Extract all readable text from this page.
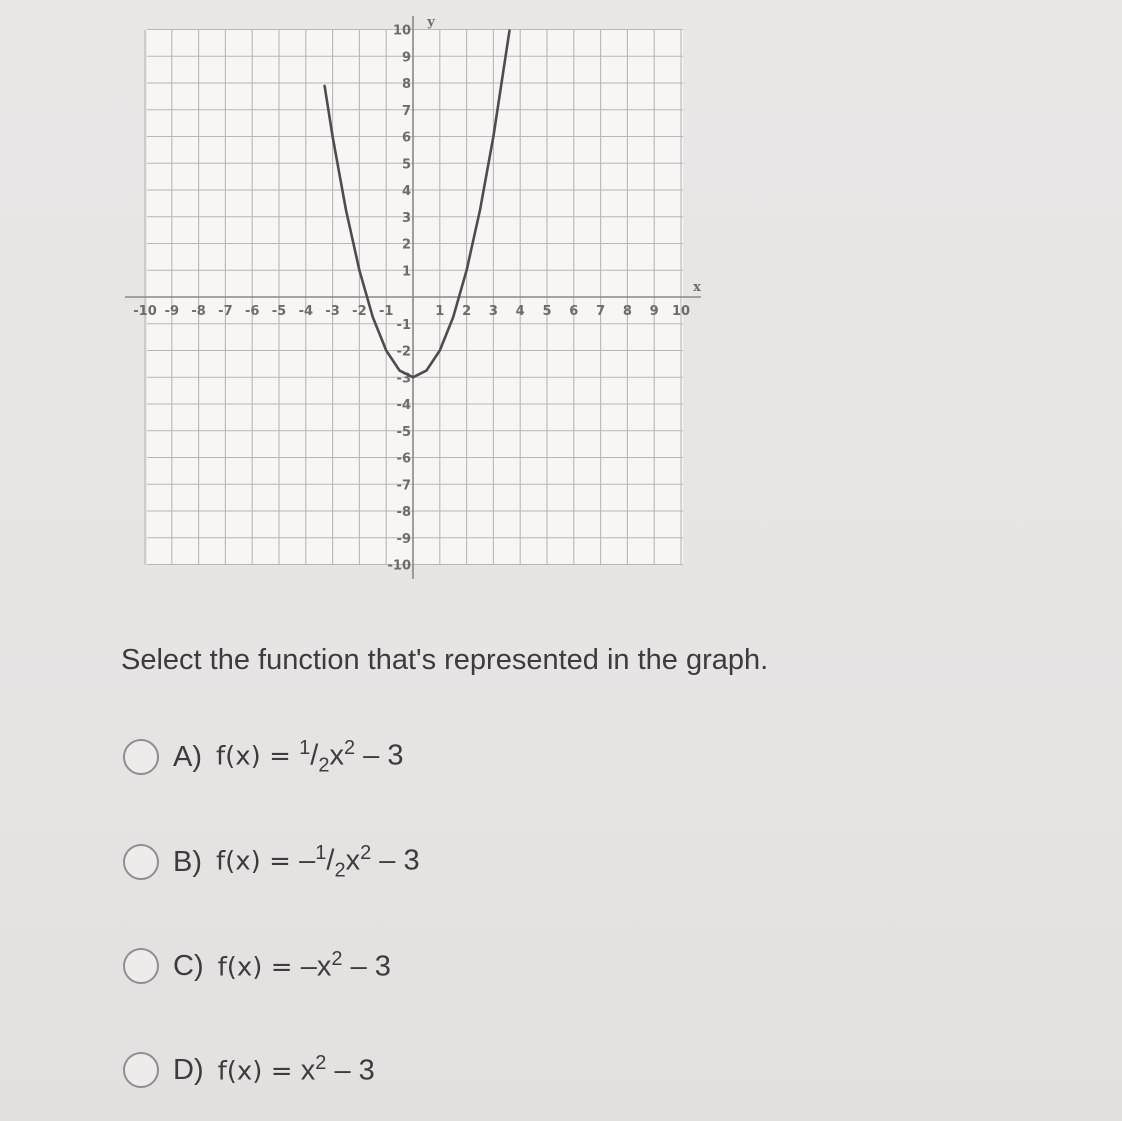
-10 -9 -8 -7 -6 -5 -4 -3 -2 -1	1 2 3 4 5 6 7 8 9 10
10
9
8
7
6
5
4
3
2
1
-1
-2
-3
-4
-5
-6
-7
-8
-9
-10
x
y
Select the function that's represented in the graph.
A) $f(x) = ^1/_2x^2 - 3$
B) $f(x) = -^1/_2x^2 - 3$
C) $f(x) = -x^2 - 3$
D) $f(x) = x^2 - 3$
